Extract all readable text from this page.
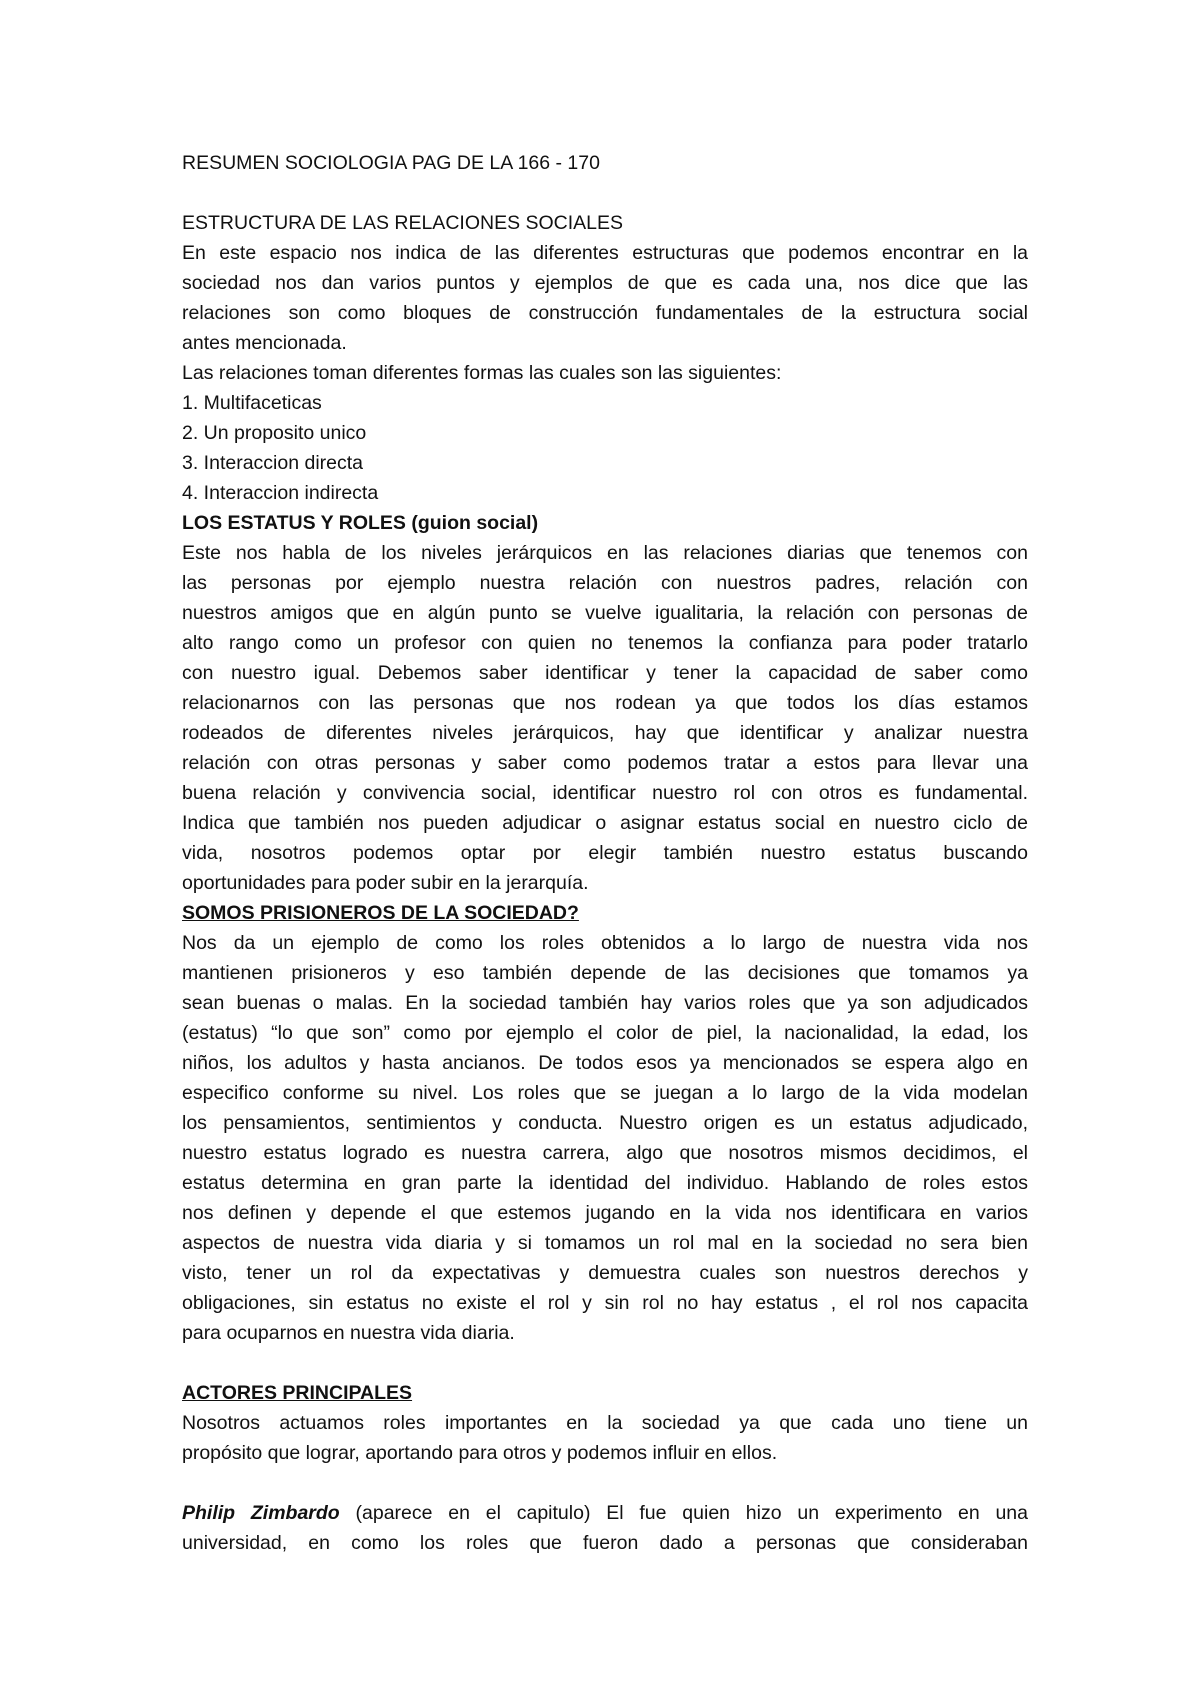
RESUMEN SOCIOLOGIA PAG DE LA 166 - 170
ESTRUCTURA DE LAS RELACIONES SOCIALES
En este espacio nos indica de las diferentes estructuras que podemos encontrar en la
sociedad nos dan varios puntos y ejemplos de que es cada una, nos dice que las
relaciones son como bloques de construcción fundamentales de la estructura social
antes mencionada.
Las relaciones toman diferentes formas las cuales son las siguientes:
1. Multifaceticas
2. Un proposito unico
3. Interaccion directa
4. Interaccion indirecta
LOS ESTATUS Y ROLES (guion social)
Este nos habla de los niveles jerárquicos en las relaciones diarias que tenemos con
las personas por ejemplo nuestra relación con nuestros padres, relación con
nuestros amigos que en algún punto se vuelve igualitaria, la relación con personas de
alto rango como un profesor con quien no tenemos la confianza para poder tratarlo
con nuestro igual. Debemos saber identificar y tener la capacidad de saber como
relacionarnos con las personas que nos rodean ya que todos los días estamos
rodeados de diferentes niveles jerárquicos, hay que identificar y analizar nuestra
relación con otras personas y saber como podemos tratar a estos para llevar una
buena relación y convivencia social, identificar nuestro rol con otros es fundamental.
Indica que también nos pueden adjudicar o asignar estatus social en nuestro ciclo de
vida, nosotros podemos optar por elegir también nuestro estatus buscando
oportunidades para poder subir en la jerarquía.
SOMOS PRISIONEROS DE LA SOCIEDAD?
Nos da un ejemplo de como los roles obtenidos a lo largo de nuestra vida nos
mantienen prisioneros y eso también depende de las decisiones que tomamos ya
sean buenas o malas. En la sociedad también hay varios roles que ya son adjudicados
(estatus) “lo que son” como por ejemplo el color de piel, la nacionalidad, la edad, los
niños, los adultos y hasta ancianos. De todos esos ya mencionados se espera algo en
especifico conforme su nivel. Los roles que se juegan a lo largo de la vida modelan
los pensamientos, sentimientos y conducta. Nuestro origen es un estatus adjudicado,
nuestro estatus logrado es nuestra carrera, algo que nosotros mismos decidimos, el
estatus determina en gran parte la identidad del individuo. Hablando de roles estos
nos definen y depende el que estemos jugando en la vida nos identificara en varios
aspectos de nuestra vida diaria y si tomamos un rol mal en la sociedad no sera bien
visto, tener un rol da expectativas y demuestra cuales son nuestros derechos y
obligaciones, sin estatus no existe el rol y sin rol no hay estatus , el rol nos capacita
para ocuparnos en nuestra vida diaria.
ACTORES PRINCIPALES
Nosotros actuamos roles importantes en la sociedad ya que cada uno tiene un
propósito que lograr, aportando para otros y podemos influir en ellos.
Philip Zimbardo (aparece en el capitulo) El fue quien hizo un experimento en una
universidad, en como los roles que fueron dado a personas que consideraban
